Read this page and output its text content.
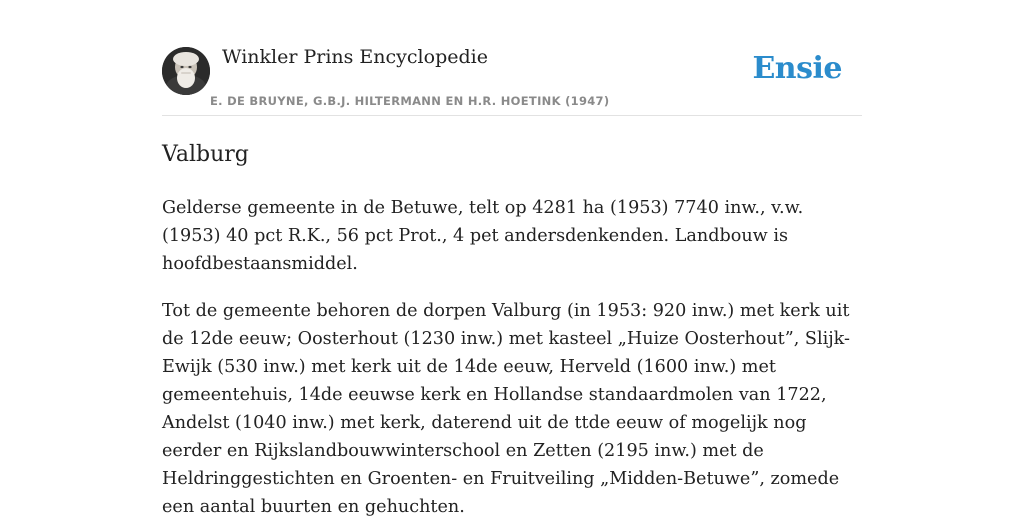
Winkler Prins Encyclopedie
E. DE BRUYNE, G.B.J. HILTERMANN EN H.R. HOETINK (1947)
Ensie
Valburg

Gelderse gemeente in de Betuwe, telt op 4281 ha (1953) 7740 inw., v.w. (1953) 40 pct R.K., 56 pct Prot., 4 pet andersdenkenden. Landbouw is hoofdbestaansmiddel.

Tot de gemeente behoren de dorpen Valburg (in 1953: 920 inw.) met kerk uit de 12de eeuw; Oosterhout (1230 inw.) met kasteel „Huize Oosterhout”, Slijk-Ewijk (530 inw.) met kerk uit de 14de eeuw, Herveld (1600 inw.) met gemeentehuis, 14de eeuwse kerk en Hollandse standaardmolen van 1722, Andelst (1040 inw.) met kerk, daterend uit de ttde eeuw of mogelijk nog eerder en Rijkslandbouwwinterschool en Zetten (2195 inw.) met de Heldringgestichten en Groenten- en Fruitveiling „Midden-Betuwe”, zomede een aantal buurten en gehuchten.
